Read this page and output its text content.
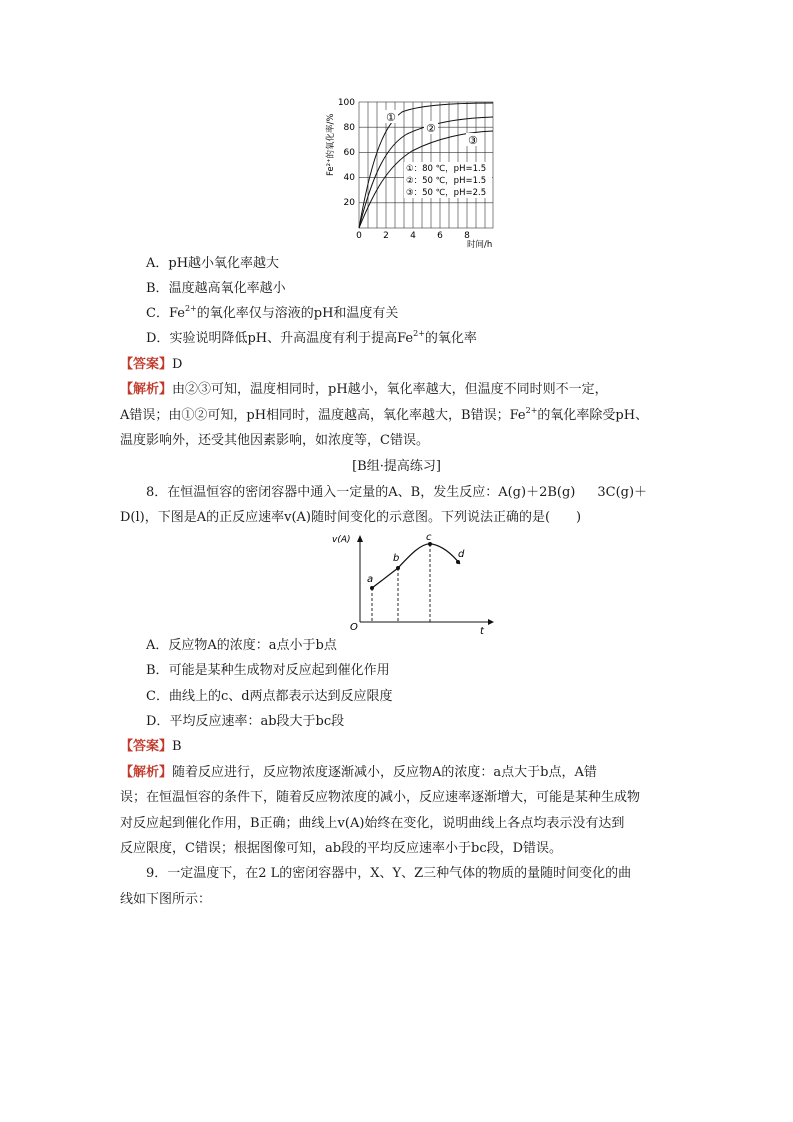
①
②
③
①：80 ℃，pH=1.5
②：50 ℃，pH=1.5
③：50 ℃，pH=2.5
100
80
60
40
20
0 2 4 6 8
时间/h
Fe²⁺的氧化率/%
A．pH越小氧化率越大
B．温度越高氧化率越小
C．$Fe^{2+}$的氧化率仅与溶液的pH和温度有关
D．实验说明降低pH、升高温度有利于提高$Fe^{2+}$的氧化率
【答案】D
【解析】由②③可知，温度相同时，pH越小，氧化率越大，但温度不同时则不一定，
A错误；由①②可知，pH相同时，温度越高，氧化率越大，B错误；$Fe^{2+}$的氧化率除受pH、
温度影响外，还受其他因素影响，如浓度等，C错误。
[B组·提高练习]
8．在恒温恒容的密闭容器中通入一定量的A、B，发生反应：A(g)＋2B(g) 3C(g)＋
D(l)，下图是A的正反应速率v(A)随时间变化的示意图。下列说法正确的是(　　)
a
b
c
d
v(A)
t
O
A．反应物A的浓度：a点小于b点
B．可能是某种生成物对反应起到催化作用
C．曲线上的c、d两点都表示达到反应限度
D．平均反应速率：ab段大于bc段
【答案】B
【解析】随着反应进行，反应物浓度逐渐减小，反应物A的浓度：a点大于b点，A错
误；在恒温恒容的条件下，随着反应物浓度的减小，反应速率逐渐增大，可能是某种生成物
对反应起到催化作用，B正确；曲线上v(A)始终在变化，说明曲线上各点均表示没有达到
反应限度，C错误；根据图像可知，ab段的平均反应速率小于bc段，D错误。
9．一定温度下，在2 L的密闭容器中，X、Y、Z三种气体的物质的量随时间变化的曲
线如下图所示：
